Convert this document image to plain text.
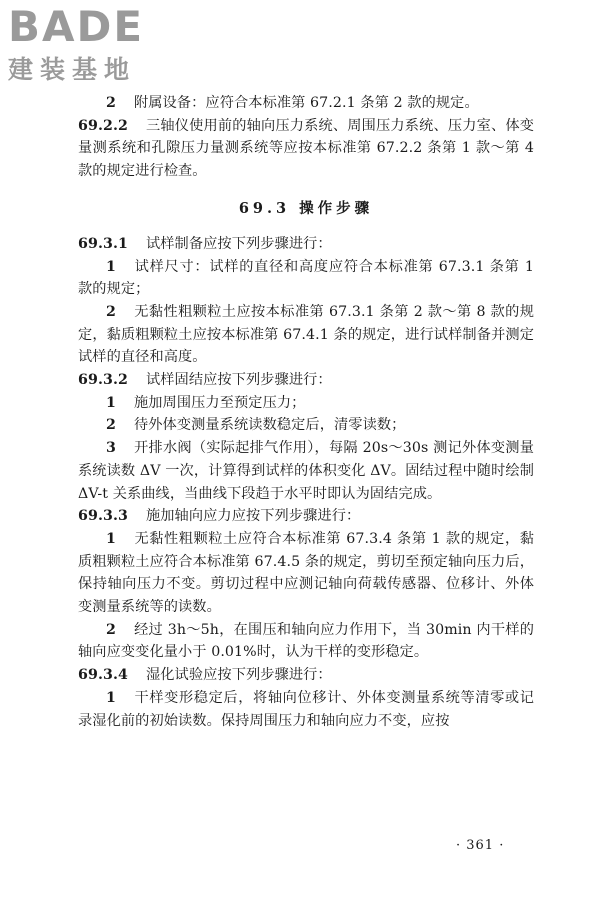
BADE
建装基地

2 附属设备：应符合本标准第 67.2.1 条第 2 款的规定。

69.2.2 三轴仪使用前的轴向压力系统、周围压力系统、压力室、体变量测系统和孔隙压力量测系统等应按本标准第 67.2.2 条第 1 款～第 4 款的规定进行检查。

69.3 操作步骤

69.3.1 试样制备应按下列步骤进行：

1 试样尺寸：试样的直径和高度应符合本标准第 67.3.1 条第 1 款的规定；

2 无黏性粗颗粒土应按本标准第 67.3.1 条第 2 款～第 8 款的规定，黏质粗颗粒土应按本标准第 67.4.1 条的规定，进行试样制备并测定试样的直径和高度。

69.3.2 试样固结应按下列步骤进行：

1 施加周围压力至预定压力；

2 待外体变测量系统读数稳定后，清零读数；

3 开排水阀（实际起排气作用），每隔 20s～30s 测记外体变测量系统读数 ΔV 一次，计算得到试样的体积变化 ΔV。固结过程中随时绘制 ΔV-t 关系曲线，当曲线下段趋于水平时即认为固结完成。

69.3.3 施加轴向应力应按下列步骤进行：

1 无黏性粗颗粒土应符合本标准第 67.3.4 条第 1 款的规定，黏质粗颗粒土应符合本标准第 67.4.5 条的规定，剪切至预定轴向压力后，保持轴向压力不变。剪切过程中应测记轴向荷载传感器、位移计、外体变测量系统等的读数。

2 经过 3h～5h，在围压和轴向应力作用下，当 30min 内干样的轴向应变变化量小于 0.01%时，认为干样的变形稳定。

69.3.4 湿化试验应按下列步骤进行：

1 干样变形稳定后，将轴向位移计、外体变测量系统等清零或记录湿化前的初始读数。保持周围压力和轴向应力不变，应按

· 361 ·
